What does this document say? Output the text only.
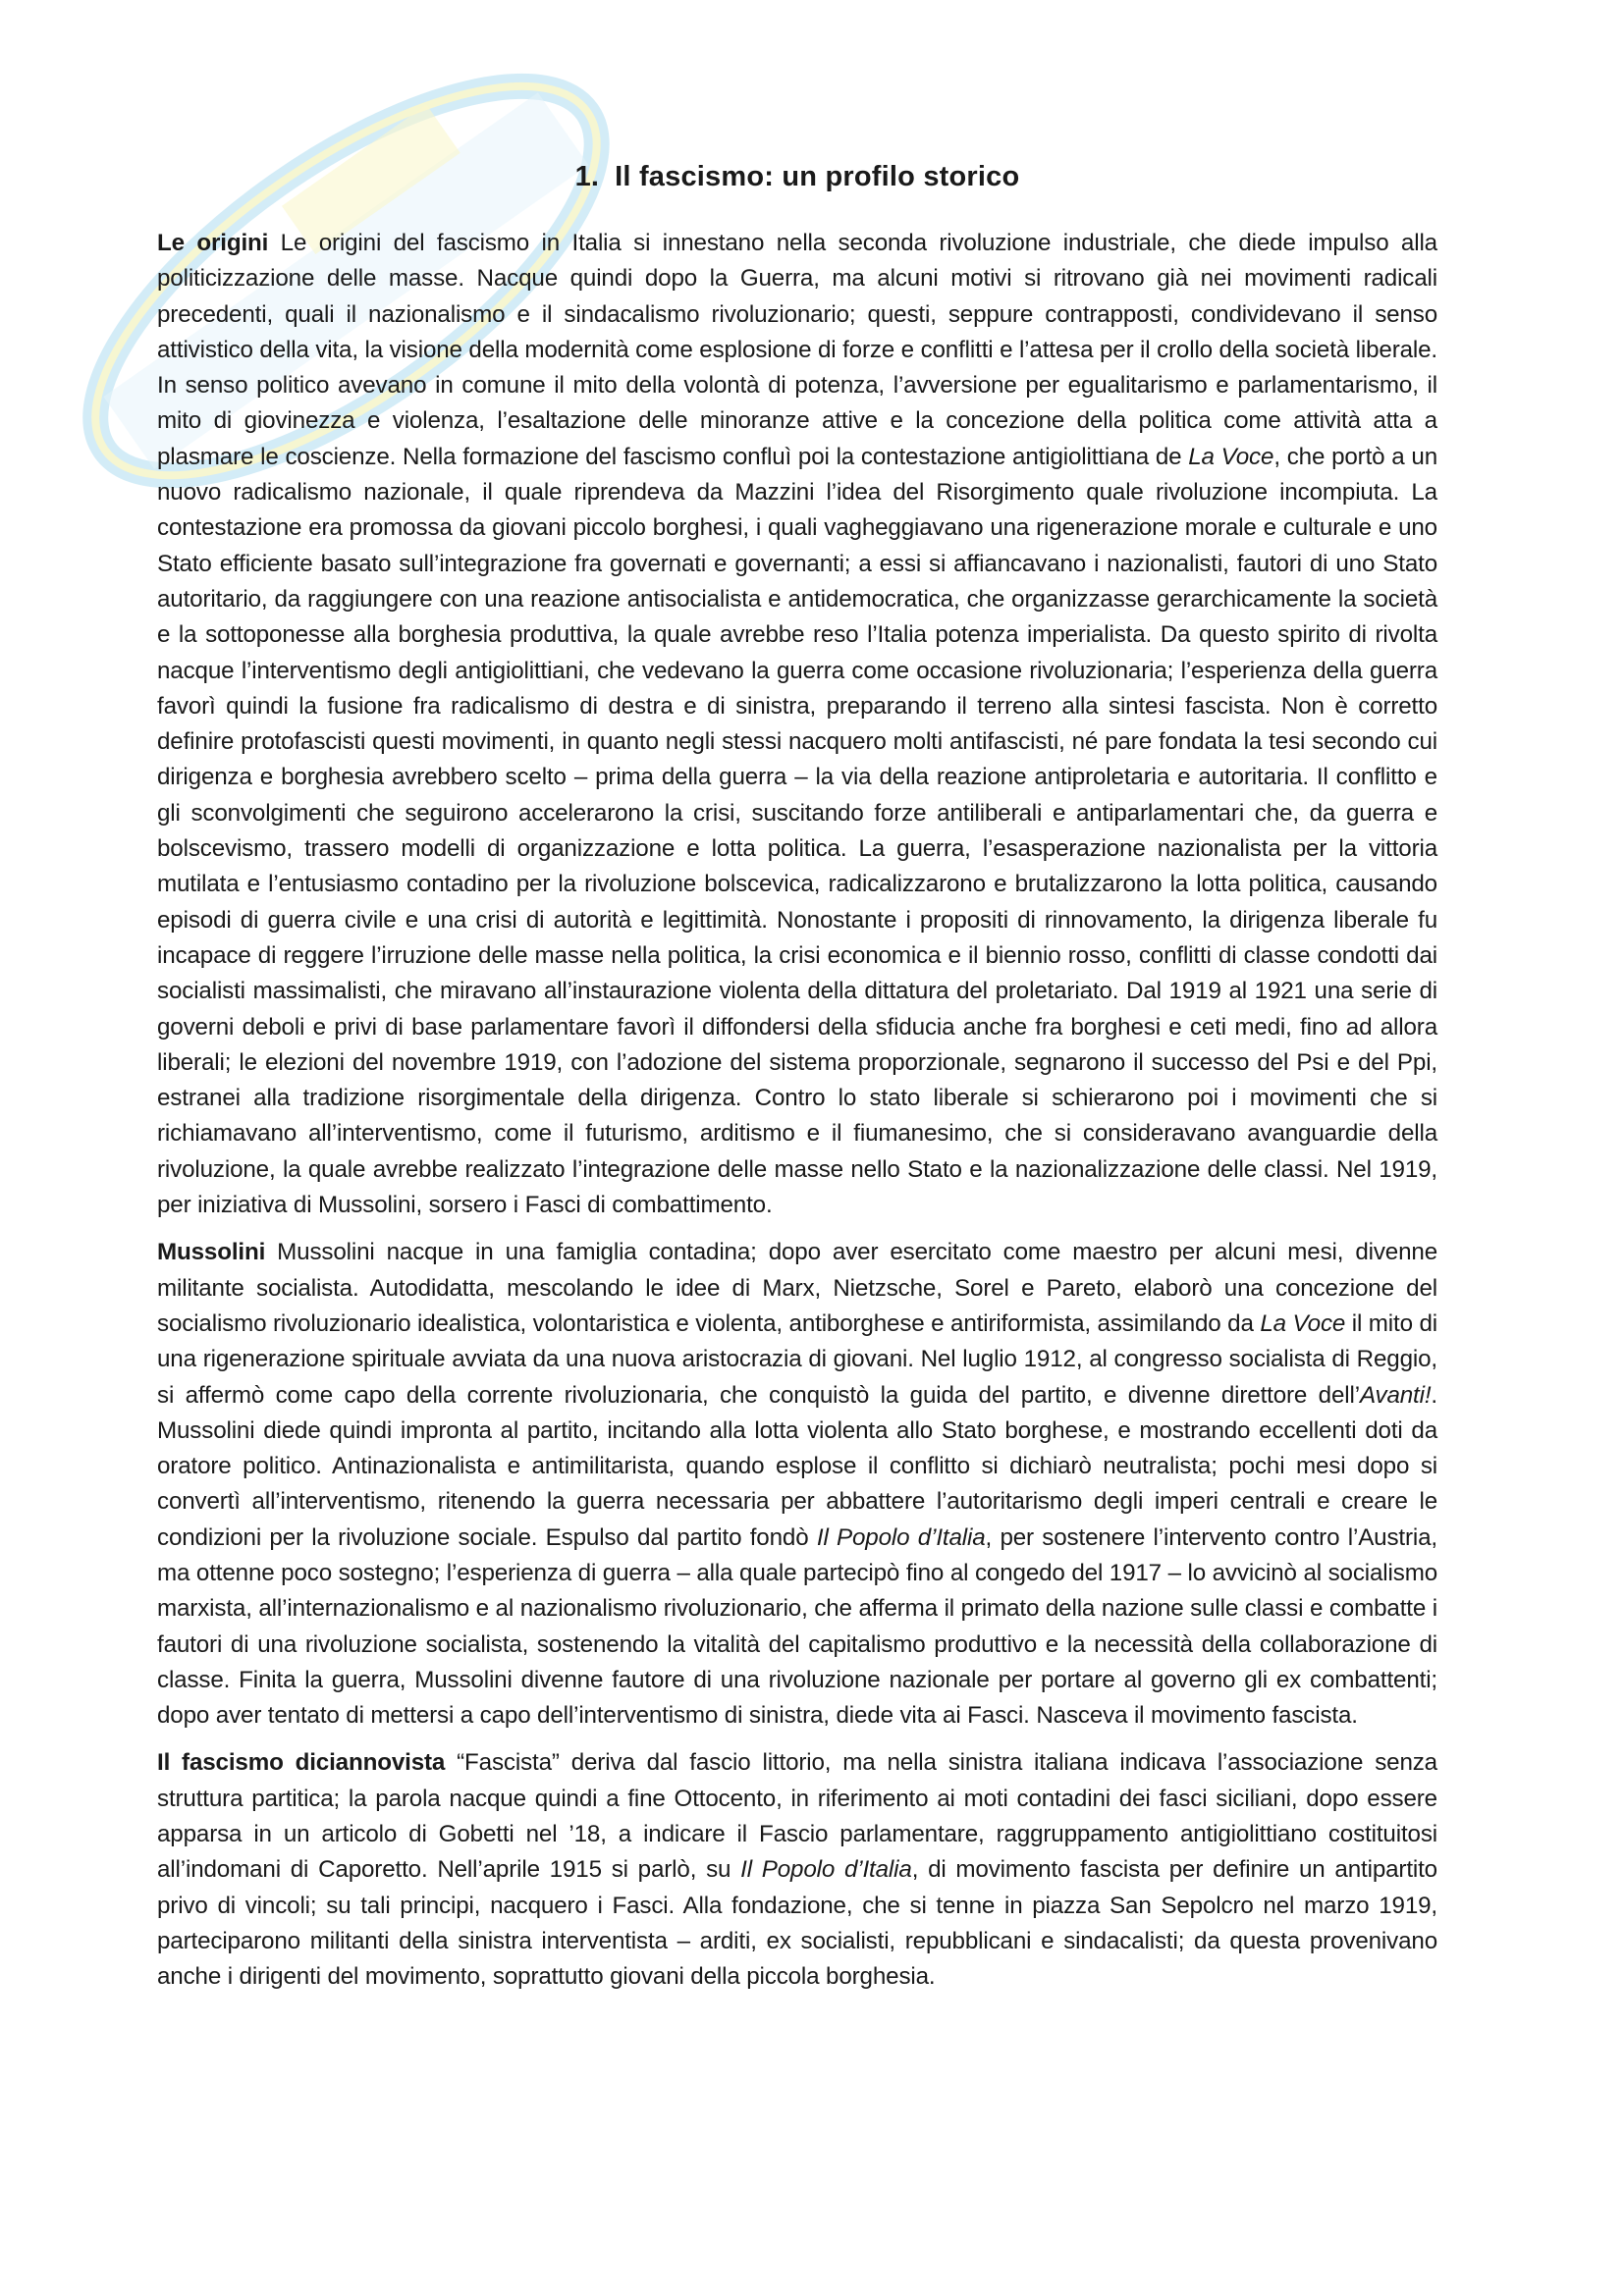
1. Il fascismo: un profilo storico

Le origini Le origini del fascismo in Italia si innestano nella seconda rivoluzione industriale, che diede impulso alla politicizzazione delle masse. Nacque quindi dopo la Guerra, ma alcuni motivi si ritrovano già nei movimenti radicali precedenti, quali il nazionalismo e il sindacalismo rivoluzionario; questi, seppure contrapposti, condividevano il senso attivistico della vita, la visione della modernità come esplosione di forze e conflitti e l’attesa per il crollo della società liberale. In senso politico avevano in comune il mito della volontà di potenza, l’avversione per egualitarismo e parlamentarismo, il mito di giovinezza e violenza, l’esaltazione delle minoranze attive e la concezione della politica come attività atta a plasmare le coscienze. Nella formazione del fascismo confluì poi la contestazione antigiolittiana de La Voce, che portò a un nuovo radicalismo nazionale, il quale riprendeva da Mazzini l’idea del Risorgimento quale rivoluzione incompiuta. La contestazione era promossa da giovani piccolo borghesi, i quali vagheggiavano una rigenerazione morale e culturale e uno Stato efficiente basato sull’integrazione fra governati e governanti; a essi si affiancavano i nazionalisti, fautori di uno Stato autoritario, da raggiungere con una reazione antisocialista e antidemocratica, che organizzasse gerarchicamente la società e la sottoponesse alla borghesia produttiva, la quale avrebbe reso l’Italia potenza imperialista. Da questo spirito di rivolta nacque l’interventismo degli antigiolittiani, che vedevano la guerra come occasione rivoluzionaria; l’esperienza della guerra favorì quindi la fusione fra radicalismo di destra e di sinistra, preparando il terreno alla sintesi fascista. Non è corretto definire protofascisti questi movimenti, in quanto negli stessi nacquero molti antifascisti, né pare fondata la tesi secondo cui dirigenza e borghesia avrebbero scelto – prima della guerra – la via della reazione antiproletaria e autoritaria. Il conflitto e gli sconvolgimenti che seguirono accelerarono la crisi, suscitando forze antiliberali e antiparlamentari che, da guerra e bolscevismo, trassero modelli di organizzazione e lotta politica. La guerra, l’esasperazione nazionalista per la vittoria mutilata e l’entusiasmo contadino per la rivoluzione bolscevica, radicalizzarono e brutalizzarono la lotta politica, causando episodi di guerra civile e una crisi di autorità e legittimità. Nonostante i propositi di rinnovamento, la dirigenza liberale fu incapace di reggere l’irruzione delle masse nella politica, la crisi economica e il biennio rosso, conflitti di classe condotti dai socialisti massimalisti, che miravano all’instaurazione violenta della dittatura del proletariato. Dal 1919 al 1921 una serie di governi deboli e privi di base parlamentare favorì il diffondersi della sfiducia anche fra borghesi e ceti medi, fino ad allora liberali; le elezioni del novembre 1919, con l’adozione del sistema proporzionale, segnarono il successo del Psi e del Ppi, estranei alla tradizione risorgimentale della dirigenza. Contro lo stato liberale si schierarono poi i movimenti che si richiamavano all’interventismo, come il futurismo, arditismo e il fiumanesimo, che si consideravano avanguardie della rivoluzione, la quale avrebbe realizzato l’integrazione delle masse nello Stato e la nazionalizzazione delle classi. Nel 1919, per iniziativa di Mussolini, sorsero i Fasci di combattimento.

Mussolini Mussolini nacque in una famiglia contadina; dopo aver esercitato come maestro per alcuni mesi, divenne militante socialista. Autodidatta, mescolando le idee di Marx, Nietzsche, Sorel e Pareto, elaborò una concezione del socialismo rivoluzionario idealistica, volontaristica e violenta, antiborghese e antiriformista, assimilando da La Voce il mito di una rigenerazione spirituale avviata da una nuova aristocrazia di giovani. Nel luglio 1912, al congresso socialista di Reggio, si affermò come capo della corrente rivoluzionaria, che conquistò la guida del partito, e divenne direttore dell’Avanti!. Mussolini diede quindi impronta al partito, incitando alla lotta violenta allo Stato borghese, e mostrando eccellenti doti da oratore politico. Antinazionalista e antimilitarista, quando esplose il conflitto si dichiarò neutralista; pochi mesi dopo si convertì all’interventismo, ritenendo la guerra necessaria per abbattere l’autoritarismo degli imperi centrali e creare le condizioni per la rivoluzione sociale. Espulso dal partito fondò Il Popolo d’Italia, per sostenere l’intervento contro l’Austria, ma ottenne poco sostegno; l’esperienza di guerra – alla quale partecipò fino al congedo del 1917 – lo avvicinò al socialismo marxista, all’internazionalismo e al nazionalismo rivoluzionario, che afferma il primato della nazione sulle classi e combatte i fautori di una rivoluzione socialista, sostenendo la vitalità del capitalismo produttivo e la necessità della collaborazione di classe. Finita la guerra, Mussolini divenne fautore di una rivoluzione nazionale per portare al governo gli ex combattenti; dopo aver tentato di mettersi a capo dell’interventismo di sinistra, diede vita ai Fasci. Nasceva il movimento fascista.

Il fascismo diciannovista “Fascista” deriva dal fascio littorio, ma nella sinistra italiana indicava l’associazione senza struttura partitica; la parola nacque quindi a fine Ottocento, in riferimento ai moti contadini dei fasci siciliani, dopo essere apparsa in un articolo di Gobetti nel ’18, a indicare il Fascio parlamentare, raggruppamento antigiolittiano costituitosi all’indomani di Caporetto. Nell’aprile 1915 si parlò, su Il Popolo d’Italia, di movimento fascista per definire un antipartito privo di vincoli; su tali principi, nacquero i Fasci. Alla fondazione, che si tenne in piazza San Sepolcro nel marzo 1919, parteciparono militanti della sinistra interventista – arditi, ex socialisti, repubblicani e sindacalisti; da questa provenivano anche i dirigenti del movimento, soprattutto giovani della piccola borghesia.
